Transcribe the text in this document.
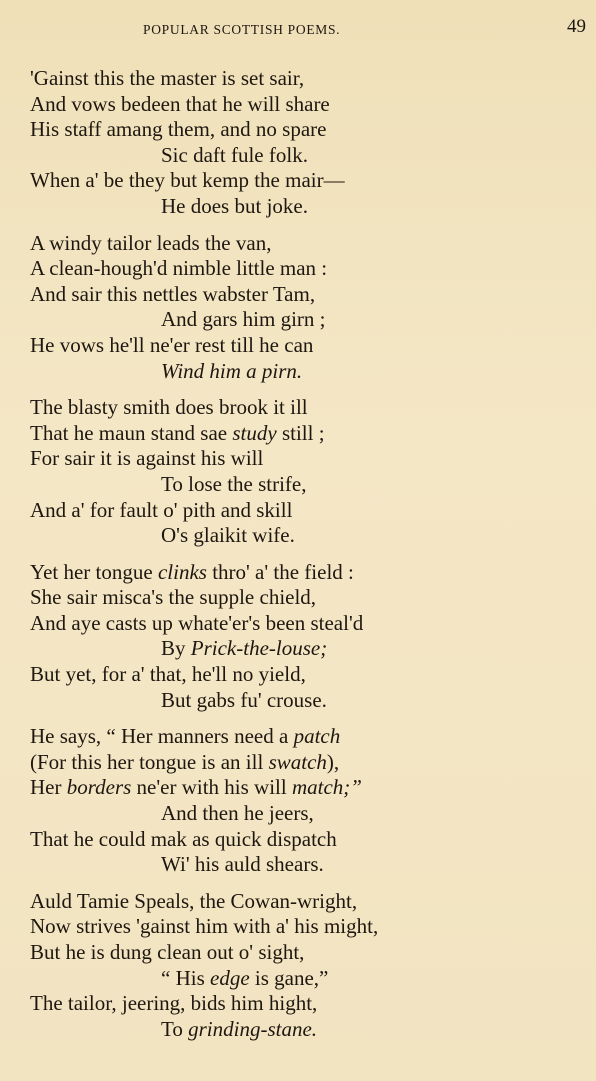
POPULAR SCOTTISH POEMS.	49
'Gainst this the master is set sair,
And vows bedeen that he will share
His staff amang them, and no spare
Sic daft fule folk.
When a' be they but kemp the mair—
He does but joke.
A windy tailor leads the van,
A clean-hough'd nimble little man :
And sair this nettles wabster Tam,
And gars him girn ;
He vows he'll ne'er rest till he can
Wind him a pirn.
The blasty smith does brook it ill
That he maun stand sae study still ;
For sair it is against his will
To lose the strife,
And a' for fault o' pith and skill
O's glaikit wife.
Yet her tongue clinks thro' a' the field :
She sair misca's the supple chield,
And aye casts up whate'er's been steal'd
By Prick-the-louse;
But yet, for a' that, he'll no yield,
But gabs fu' crouse.
He says, “ Her manners need a patch
(For this her tongue is an ill swatch),
Her borders ne'er with his will match;”
And then he jeers,
That he could mak as quick dispatch
Wi' his auld shears.
Auld Tamie Speals, the Cowan-wright,
Now strives 'gainst him with a' his might,
But he is dung clean out o' sight,
“ His edge is gane,”
The tailor, jeering, bids him hight,
To grinding-stane.
